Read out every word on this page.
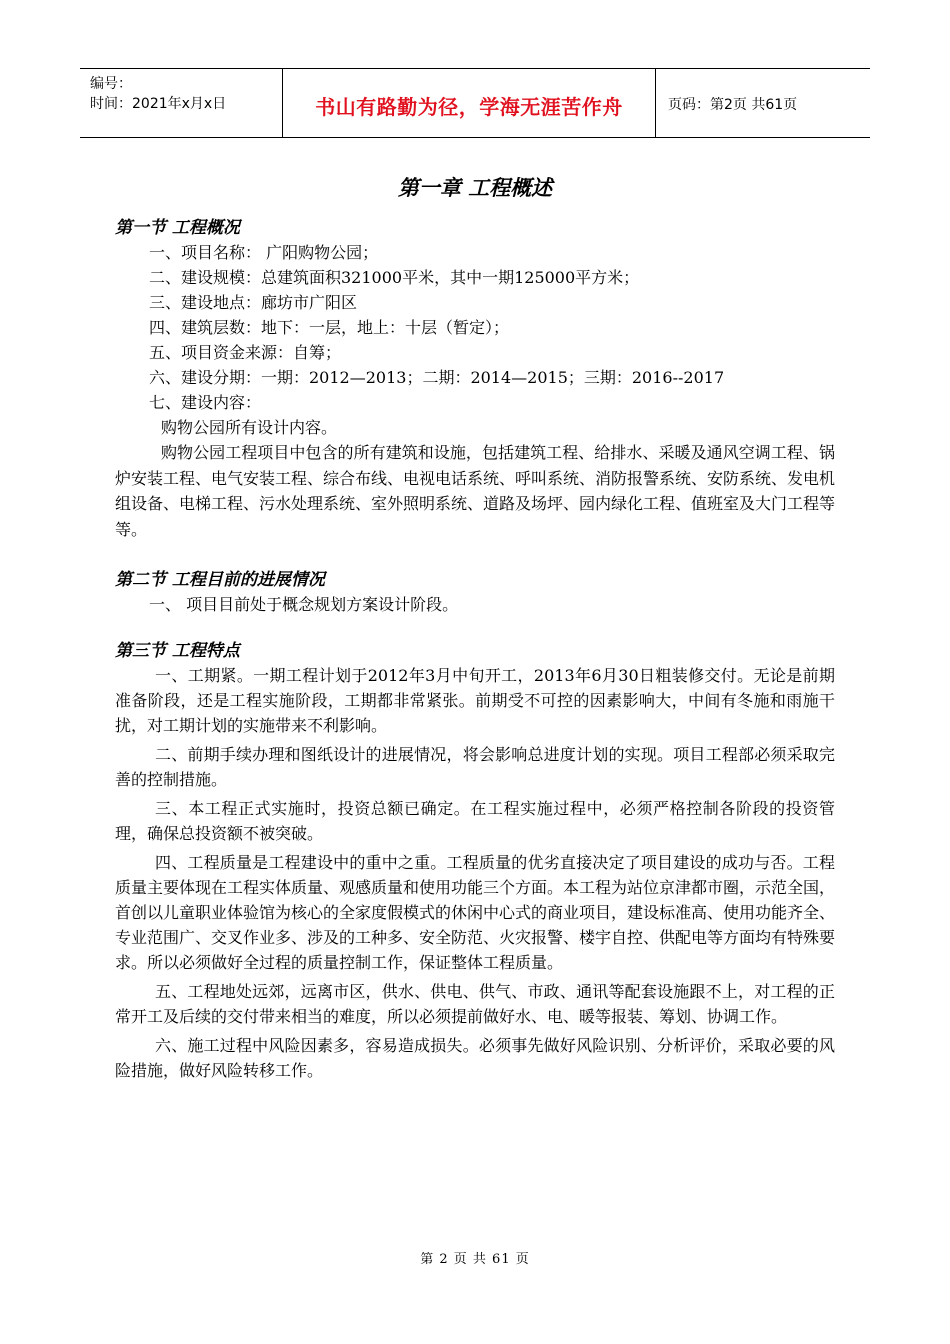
编号：
时间：2021年x月x日	书山有路勤为径，学海无涯苦作舟	页码：第2页 共61页
第一章 工程概述
第一节 工程概况
一、项目名称： 广阳购物公园；
二、建设规模：总建筑面积321000平米，其中一期125000平方米；
三、建设地点：廊坊市广阳区
四、建筑层数：地下：一层，地上：十层（暂定）；
五、项目资金来源：自筹；
六、建设分期：一期：2012—2013；二期：2014—2015；三期：2016--2017
七、建设内容：
购物公园所有设计内容。

购物公园工程项目中包含的所有建筑和设施，包括建筑工程、给排水、采暖及通风空调工程、锅炉安装工程、电气安装工程、综合布线、电视电话系统、呼叫系统、消防报警系统、安防系统、发电机组设备、电梯工程、污水处理系统、室外照明系统、道路及场坪、园内绿化工程、值班室及大门工程等等。

第二节 工程目前的进展情况
一、 项目目前处于概念规划方案设计阶段。
第三节 工程特点

一、工期紧。一期工程计划于2012年3月中旬开工，2013年6月30日粗装修交付。无论是前期准备阶段，还是工程实施阶段，工期都非常紧张。前期受不可控的因素影响大，中间有冬施和雨施干扰，对工期计划的实施带来不利影响。

二、前期手续办理和图纸设计的进展情况，将会影响总进度计划的实现。项目工程部必须采取完善的控制措施。

三、本工程正式实施时，投资总额已确定。在工程实施过程中，必须严格控制各阶段的投资管理，确保总投资额不被突破。

四、工程质量是工程建设中的重中之重。工程质量的优劣直接决定了项目建设的成功与否。工程质量主要体现在工程实体质量、观感质量和使用功能三个方面。本工程为站位京津都市圈，示范全国，首创以儿童职业体验馆为核心的全家度假模式的休闲中心式的商业项目，建设标准高、使用功能齐全、专业范围广、交叉作业多、涉及的工种多、安全防范、火灾报警、楼宇自控、供配电等方面均有特殊要求。所以必须做好全过程的质量控制工作，保证整体工程质量。

五、工程地处远郊，远离市区，供水、供电、供气、市政、通讯等配套设施跟不上，对工程的正常开工及后续的交付带来相当的难度，所以必须提前做好水、电、暖等报装、筹划、协调工作。

六、施工过程中风险因素多，容易造成损失。必须事先做好风险识别、分析评价，采取必要的风险措施，做好风险转移工作。

第 2 页 共 61 页
